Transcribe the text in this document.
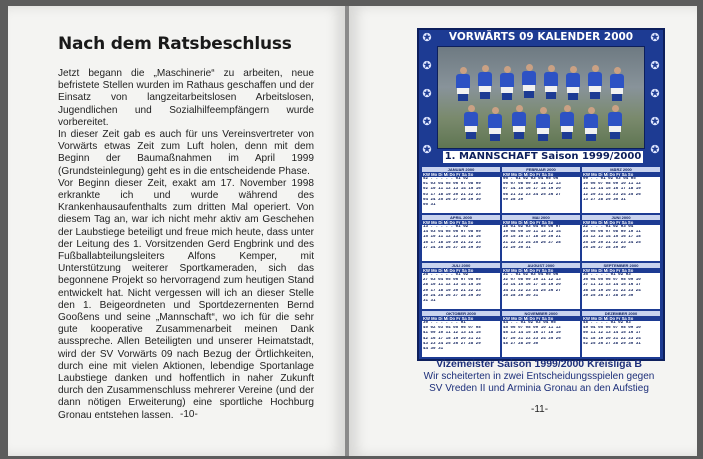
Nach dem Ratsbeschluss
Jetzt begann die „Maschinerie“ zu arbeiten, neue befristete Stellen wurden im Rathaus geschaffen und der Einsatz von langzeitarbeitslosen Arbeitslosen, Jugendlichen und Sozialhilfeempfängern wurde vorbereitet.
In dieser Zeit gab es auch für uns Vereinsvertreter von Vorwärts etwas Zeit zum Luft holen, denn mit dem Beginn der Baumaßnahmen im April 1999 (Grundsteinlegung) geht es in die entscheidende Phase.
Vor Beginn dieser Zeit, exakt am 17. November 1998 erkrankte ich und wurde während des Krankenhausaufenthalts zum dritten Mal operiert. Von diesem Tag an, war ich nicht mehr aktiv am Geschehen der Laubstiege beteiligt und freue mich heute, dass unter der Leitung des 1. Vorsitzenden Gerd Engbrink und des Fußballabteilungsleiters Alfons Kemper, mit Unterstützung weiterer Sportkameraden, sich das begonnene Projekt so hervorragend zum heutigen Stand entwickelt hat. Nicht vergessen will ich an dieser Stelle den 1. Beigeordneten und Sportdezernenten Bernd Gooßens und seine „Mannschaft“, wo ich für die sehr gute kooperative Zusammenarbeit meinen Dank ausspreche. Allen Beteiligten und unserer Heimatstadt, wird der SV Vorwärts 09 nach Bezug der Örtlichkeiten, durch eine mit vielen Aktionen, lebendige Sportanlage Laubstiege danken und hoffentlich in naher Zukunft durch den Zusammenschluss mehrerer Vereine (und der dann nötigen Erweiterung) eine sportliche Hochburg Gronau entstehen lassen. -10-
✪	✪
✪	✪
✪	✪
✪	✪
✪	✪
VORWÄRTS 09 KALENDER 2000
1. MANNSCHAFT Saison 1999/2000
JANUAR 2000
KW Mo Di Mi Do Fr Sa So
52 . . . . . 01 02
01 03 04 05 06 07 08 09
02 10 11 12 13 14 15 16
03 17 18 19 20 21 22 23
04 24 25 26 27 28 29 30
05 31
FEBRUAR 2000
KW Mo Di Mi Do Fr Sa So
05 . 01 02 03 04 05 06
06 07 08 09 10 11 12 13
07 14 15 16 17 18 19 20
08 21 22 23 24 25 26 27
09 28 29
MÄRZ 2000
KW Mo Di Mi Do Fr Sa So
09 . . 01 02 03 04 05
10 06 07 08 09 10 11 12
11 13 14 15 16 17 18 19
12 20 21 22 23 24 25 26
13 27 28 29 30 31
APRIL 2000
KW Mo Di Mi Do Fr Sa So
13 . . . . . 01 02
14 03 04 05 06 07 08 09
15 10 11 12 13 14 15 16
16 17 18 19 20 21 22 23
17 24 25 26 27 28 29 30
MAI 2000
KW Mo Di Mi Do Fr Sa So
18 01 02 03 04 05 06 07
19 08 09 10 11 12 13 14
20 15 16 17 18 19 20 21
21 22 23 24 25 26 27 28
22 29 30 31
JUNI 2000
KW Mo Di Mi Do Fr Sa So
22 . . . 01 02 03 04
23 05 06 07 08 09 10 11
24 12 13 14 15 16 17 18
25 19 20 21 22 23 24 25
26 26 27 28 29 30
JULI 2000
KW Mo Di Mi Do Fr Sa So
26 . . . . . 01 02
27 03 04 05 06 07 08 09
28 10 11 12 13 14 15 16
29 17 18 19 20 21 22 23
30 24 25 26 27 28 29 30
31 31
AUGUST 2000
KW Mo Di Mi Do Fr Sa So
31 . 01 02 03 04 05 06
32 07 08 09 10 11 12 13
33 14 15 16 17 18 19 20
34 21 22 23 24 25 26 27
35 28 29 30 31
SEPTEMBER 2000
KW Mo Di Mi Do Fr Sa So
35 . . . . 01 02 03
36 04 05 06 07 08 09 10
37 11 12 13 14 15 16 17
38 18 19 20 21 22 23 24
39 25 26 27 28 29 30
OKTOBER 2000
KW Mo Di Mi Do Fr Sa So
39 . . . . . . 01
40 02 03 04 05 06 07 08
41 09 10 11 12 13 14 15
42 16 17 18 19 20 21 22
43 23 24 25 26 27 28 29
44 30 31
NOVEMBER 2000
KW Mo Di Mi Do Fr Sa So
44 . . 01 02 03 04 05
45 06 07 08 09 10 11 12
46 13 14 15 16 17 18 19
47 20 21 22 23 24 25 26
48 27 28 29 30
DEZEMBER 2000
KW Mo Di Mi Do Fr Sa So
48 . . . . 01 02 03
49 04 05 06 07 08 09 10
50 11 12 13 14 15 16 17
51 18 19 20 21 22 23 24
52 25 26 27 28 29 30 31
Vizemeister Saison 1999/2000 Kreisliga B
Wir scheiterten in zwei Entscheidungsspielen gegen
SV Vreden II und Arminia Gronau an den Aufstieg
-11-
